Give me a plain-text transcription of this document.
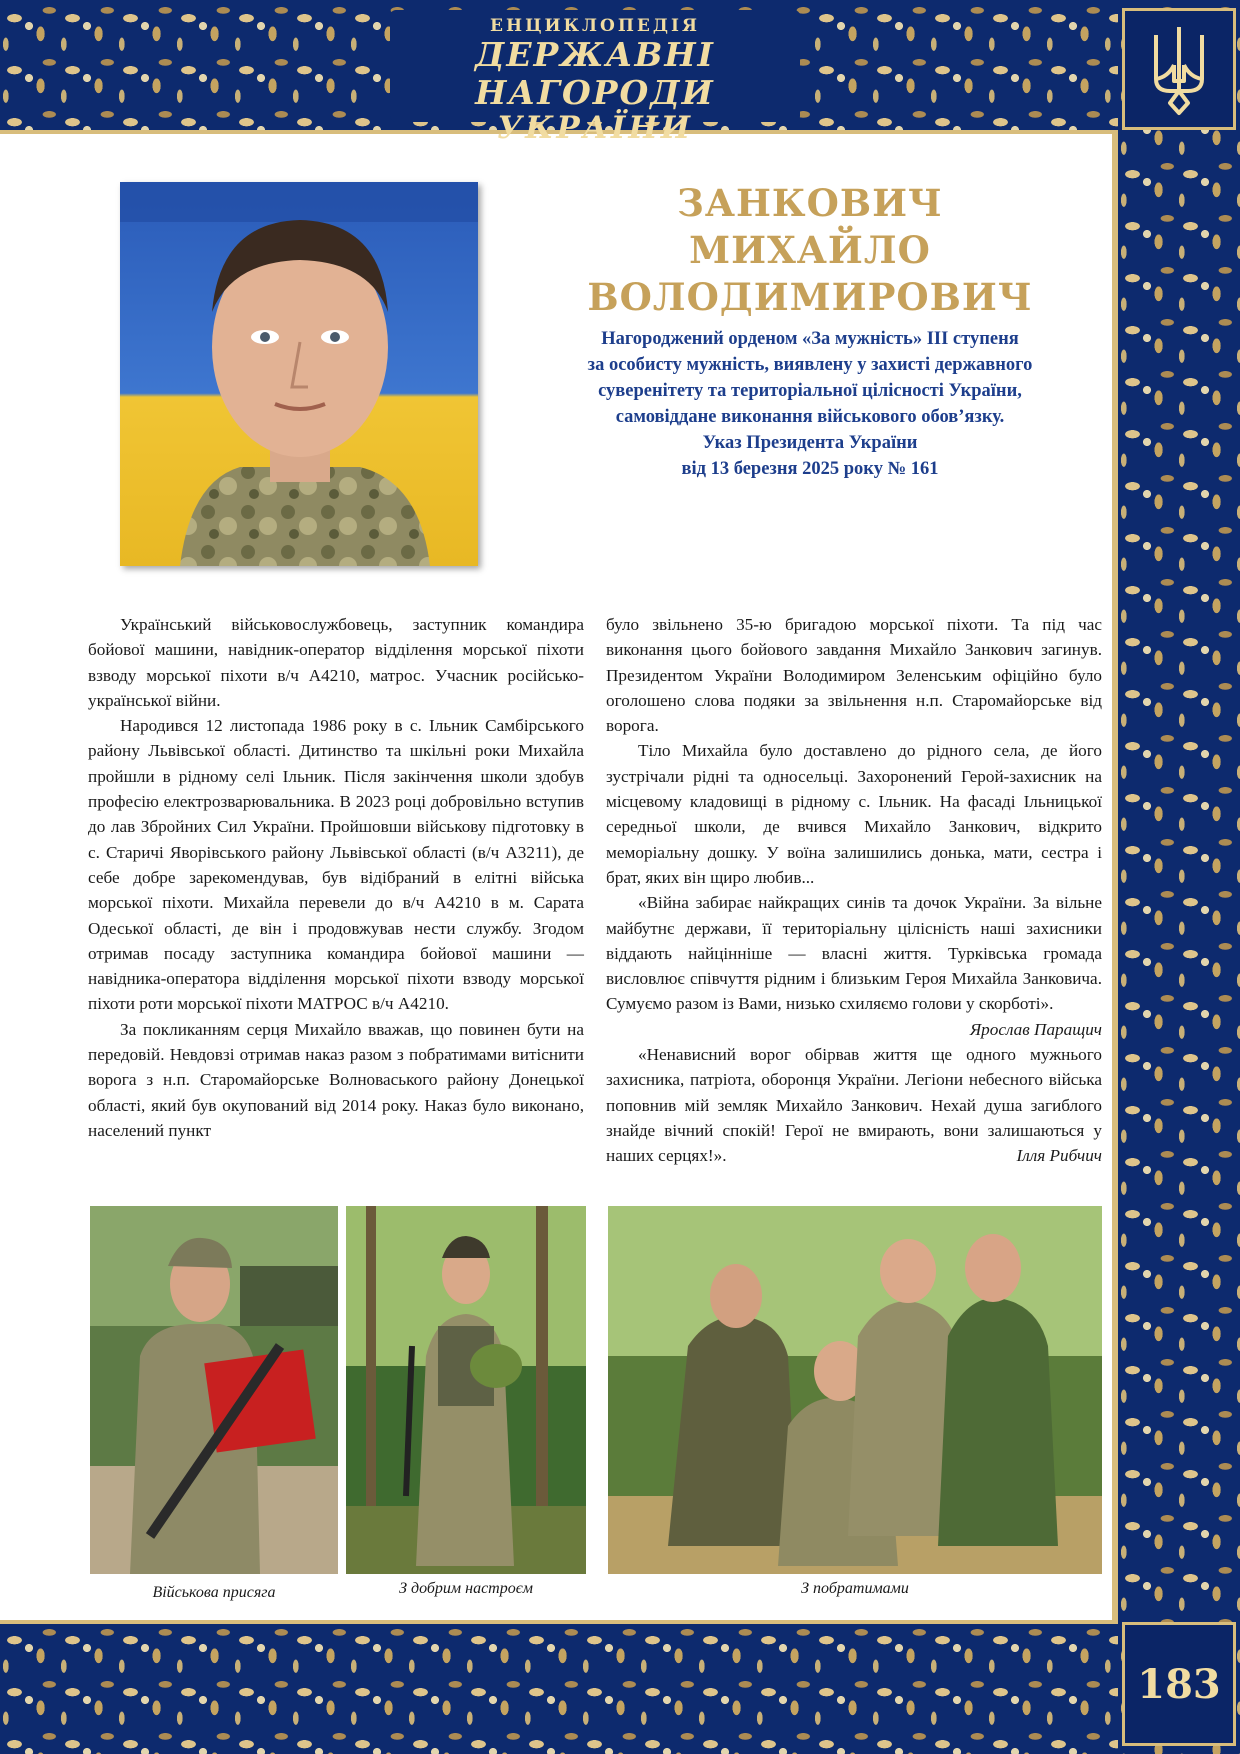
ЕНЦИКЛОПЕДІЯ
ДЕРЖАВНІ НАГОРОДИ
УКРАЇНИ
ЗАНКОВИЧ
МИХАЙЛО
ВОЛОДИМИРОВИЧ
Нагороджений орденом «За мужність» ІІІ ступеня
за особисту мужність, виявлену у захисті державного
суверенітету та територіальної цілісності України,
самовіддане виконання військового обов’язку.
Указ Президента України
від 13 березня 2025 року № 161

Український військовослужбовець, заступник командира бойової машини, навідник-оператор відділення морської піхоти взводу морської піхоти в/ч А4210, матрос. Учасник російсько-української війни.

Народився 12 листопада 1986 року в с. Ільник Самбірського району Львівської області. Дитинство та шкільні роки Михайла пройшли в рідному селі Ільник. Після закінчення школи здобув професію електрозварювальника. В 2023 році добровільно вступив до лав Збройних Сил України. Пройшовши військову підготовку в с. Старичі Яворівського району Львівської області (в/ч А3211), де себе добре зарекомендував, був відібраний в елітні війська морської піхоти. Михайла перевели до в/ч А4210 в м. Сарата Одеської області, де він і продовжував нести службу. Згодом отримав посаду заступника командира бойової машини — навідника-оператора відділення морської піхоти взводу морської піхоти роти морської піхоти МАТРОС в/ч А4210.

За покликанням серця Михайло вважав, що повинен бути на передовій. Невдовзі отримав наказ разом з побратимами витіснити ворога з н.п. Старомайорське Волноваського району Донецької області, який був окупований від 2014 року. Наказ було виконано, населений пункт

було звільнено 35-ю бригадою морської піхоти. Та під час виконання цього бойового завдання Михайло Занкович загинув. Президентом України Володимиром Зеленським офіційно було оголошено слова подяки за звільнення н.п. Старомайорське від ворога.

Тіло Михайла було доставлено до рідного села, де його зустрічали рідні та односельці. Захоронений Герой-захисник на місцевому кладовищі в рідному с. Ільник. На фасаді Ільницької середньої школи, де вчився Михайло Занкович, відкрито меморіальну дошку. У воїна залишились донька, мати, сестра і брат, яких він щиро любив...

«Війна забирає найкращих синів та дочок України. За вільне майбутнє держави, її територіальну цілісність наші захисники віддають найцінніше — власні життя. Турківська громада висловлює співчуття рідним і близьким Героя Михайла Занковича. Сумуємо разом із Вами, низько схиляємо голови у скорботі».

Ярослав Паращич

«Ненависний ворог обірвав життя ще одного мужнього захисника, патріота, оборонця України. Легіони небесного війська поповнив мій земляк Михайло Занкович. Нехай душа загиблого знайде вічний спокій! Герої не вмирають, вони залишаються у наших серцях!».	Ілля Рибчич

Військова присяга	З добрим настроєм	З побратимами
183
